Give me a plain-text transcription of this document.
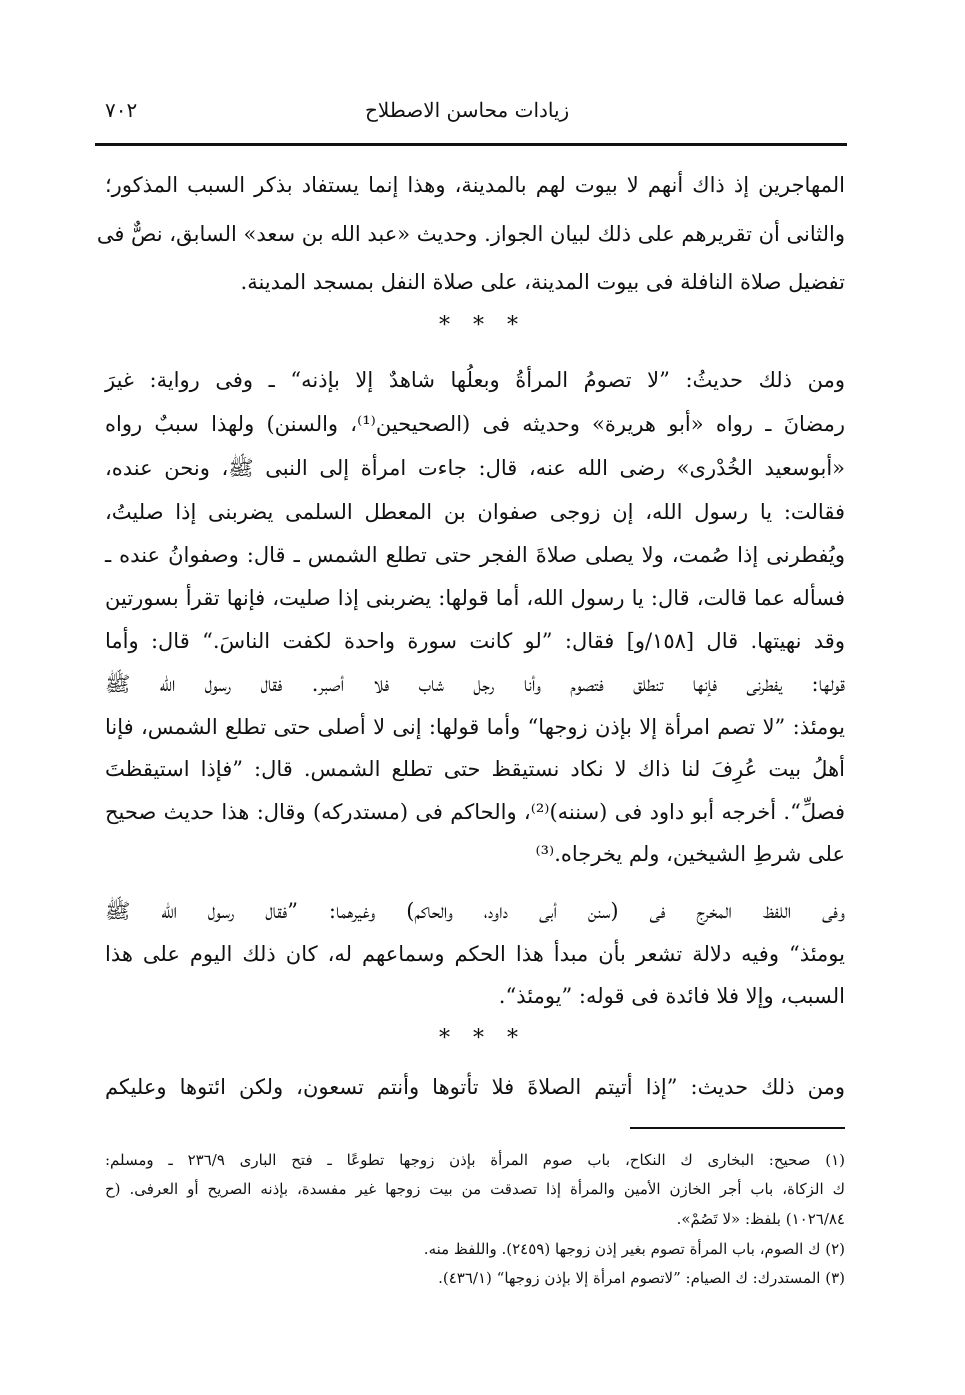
٧٠٢	زيادات محاسن الاصطلاح
المهاجرين إذ ذاك أنهم لا بيوت لهم بالمدينة، وهذا إنما يستفاد بذكر السبب المذكور؛
والثانى أن تقريرهم على ذلك لبيان الجواز. وحديث «عبد الله بن سعد» السابق، نصٌّ فى
تفضيل صلاة النافلة فى بيوت المدينة، على صلاة النفل بمسجد المدينة.
* * *
ومن ذلك حديثُ: ”لا تصومُ المرأةُ وبعلُها شاهدٌ إلا بإذنه“ ـ وفى رواية: غيرَ
رمضانَ ـ رواه «أبو هريرة» وحديثه فى (الصحيحين⁽¹⁾، والسنن) ولهذا سببٌ رواه
«أبوسعيد الخُدْرى» رضى الله عنه، قال: جاءت امرأة إلى النبى ﷺ، ونحن عنده،
فقالت: يا رسول الله، إن زوجى صفوان بن المعطل السلمى يضربنى إذا صليتُ،
ويُفطرنى إذا صُمت، ولا يصلى صلاةَ الفجر حتى تطلع الشمس ـ قال: وصفوانُ عنده ـ
فسأله عما قالت، قال: يا رسول الله، أما قولها: يضربنى إذا صليت، فإنها تقرأ بسورتين
وقد نهيتها. قال [١٥٨/و] فقال: ”لو كانت سورة واحدة لكفت الناسَ.“ قال: وأما
قولها: يفطرنى فإنها تنطلق فتصوم وأنا رجل شاب فلا أصبر. فقال رسول الله ﷺ
يومئذ: ”لا تصم امرأة إلا بإذن زوجها“ وأما قولها: إنى لا أصلى حتى تطلع الشمس، فإنا
أهلُ بيت عُرِفَ لنا ذاك لا نكاد نستيقظ حتى تطلع الشمس. قال: ”فإذا استيقظتَ
فصلِّ“. أخرجه أبو داود فى (سننه)⁽²⁾، والحاكم فى (مستدركه) وقال: هذا حديث صحيح
على شرطِ الشيخين، ولم يخرجاه.⁽³⁾
وفى اللفظ المخرج فى (سنن أبى داود، والحاكم) وغيرهما: ”فقال رسول الله ﷺ
يومئذ“ وفيه دلالة تشعر بأن مبدأ هذا الحكم وسماعهم له، كان ذلك اليوم على هذا
السبب، وإلا فلا فائدة فى قوله: ”يومئذ“.
* * *
ومن ذلك حديث: ”إذا أتيتم الصلاةَ فلا تأتوها وأنتم تسعون، ولكن ائتوها وعليكم
(١) صحيح: البخارى ك النكاح، باب صوم المرأة بإذن زوجها تطوعًا ـ فتح البارى ٢٣٦/٩ ـ ومسلم:
ك الزكاة، باب أجر الخازن الأمين والمرأة إذا تصدقت من بيت زوجها غير مفسدة، بإذنه الصريح أو العرفى. (ح
١٠٢٦/٨٤) بلفظ: «لا تَصُمْ».
(٢) ك الصوم، باب المرأة تصوم بغير إذن زوجها (٢٤٥٩). واللفظ منه.
(٣) المستدرك: ك الصيام: ”لاتصوم امرأة إلا بإذن زوجها“ (٤٣٦/١).
